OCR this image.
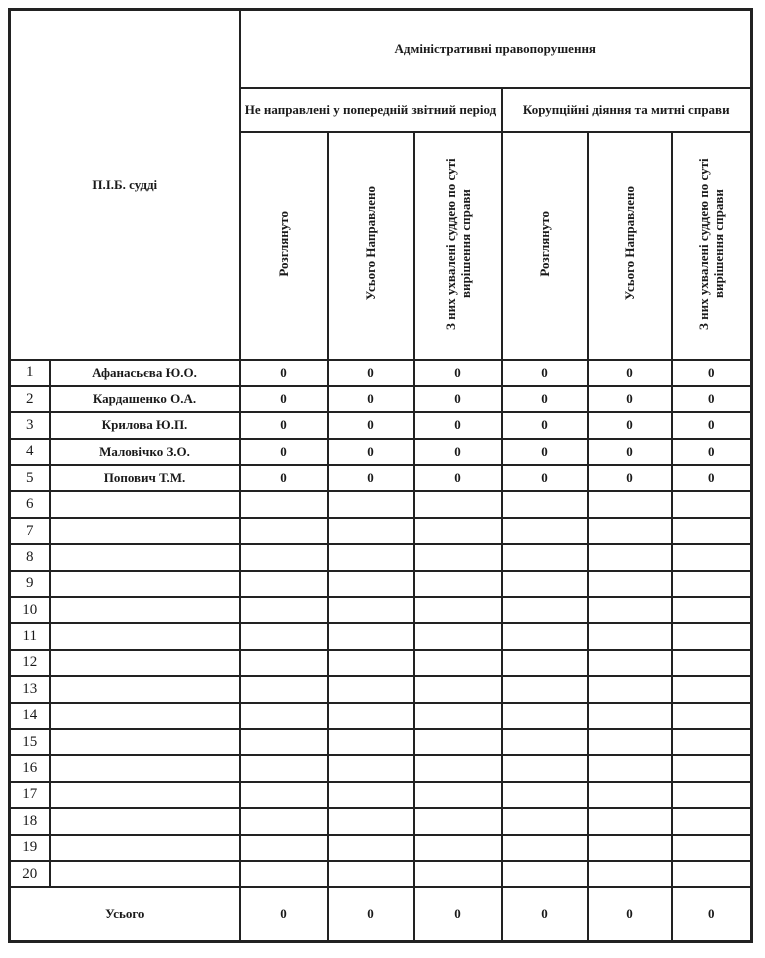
П.І.Б. судді		Адміністративні правопорушення					
		Не направлені у попередній звітний період			Корупційні діяння та митні справи		
		Розглянуто	Усього Направлено	З них ухвалені суддею по суті вирішення справи	Розглянуто	Усього Направлено	З них ухвалені суддею по суті вирішення справи
1	Афанасьєва Ю.О.	0	0	0	0	0	0
2	Кардашенко О.А.	0	0	0	0	0	0
3	Крилова Ю.П.	0	0	0	0	0	0
4	Маловічко З.О.	0	0	0	0	0	0
5	Попович Т.М.	0	0	0	0	0	0
6							
7							
8							
9							
10							
11							
12							
13							
14							
15							
16							
17							
18							
19							
20							
Усього		0	0	0	0	0	0
